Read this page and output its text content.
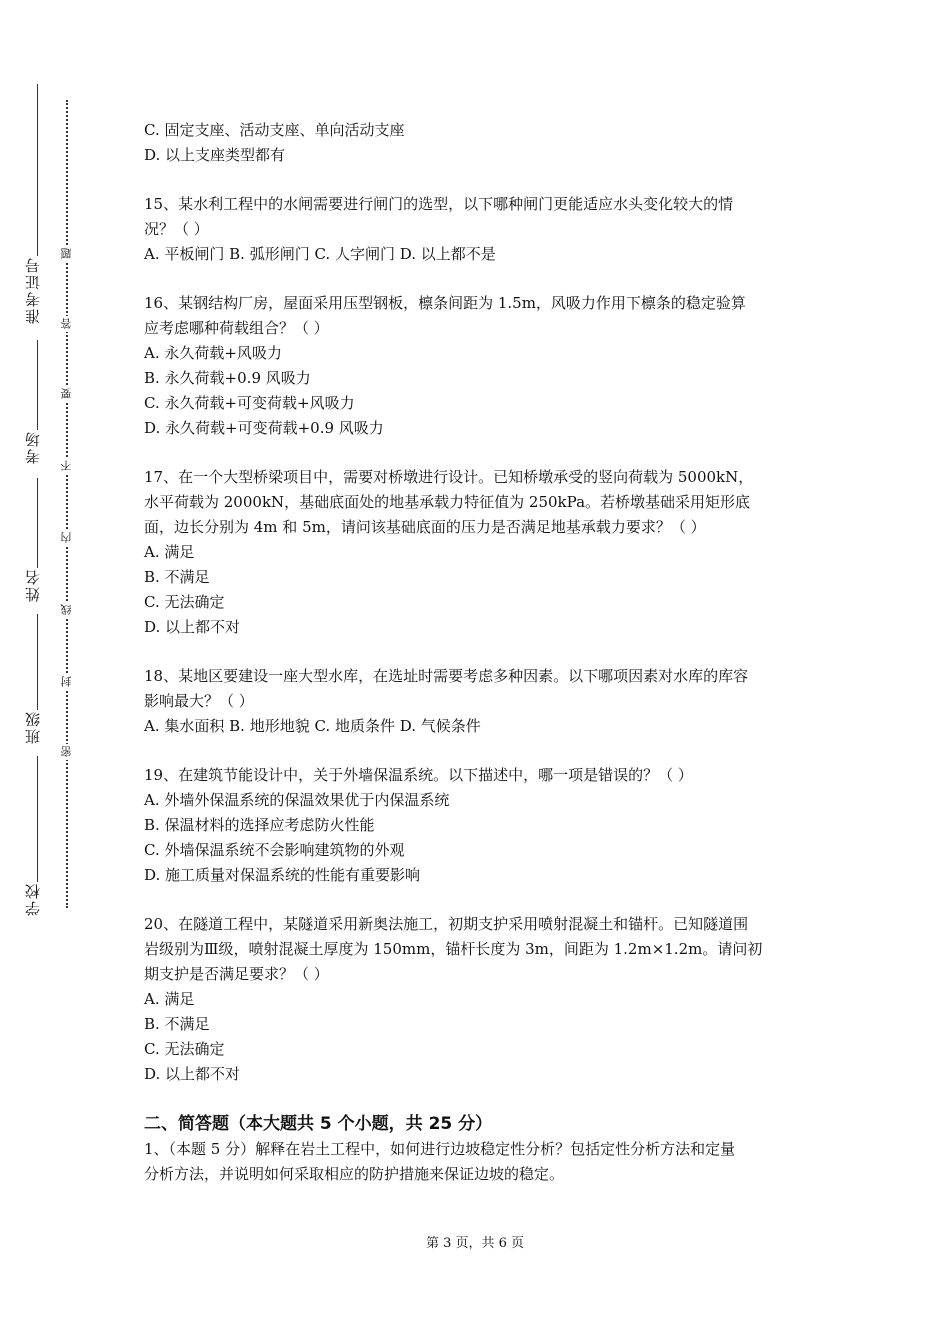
准考证号
考场
姓名
班级
学校
题
答
要
不
内
线
封
密

C. 固定支座、活动支座、单向活动支座

D. 以上支座类型都有

15、某水利工程中的水闸需要进行闸门的选型，以下哪种闸门更能适应水头变化较大的情

况？（ ）

A. 平板闸门 B. 弧形闸门 C. 人字闸门 D. 以上都不是

16、某钢结构厂房，屋面采用压型钢板，檩条间距为 1.5m，风吸力作用下檩条的稳定验算

应考虑哪种荷载组合？（ ）

A. 永久荷载+风吸力

B. 永久荷载+0.9 风吸力

C. 永久荷载+可变荷载+风吸力

D. 永久荷载+可变荷载+0.9 风吸力

17、在一个大型桥梁项目中，需要对桥墩进行设计。已知桥墩承受的竖向荷载为 5000kN，

水平荷载为 2000kN，基础底面处的地基承载力特征值为 250kPa。若桥墩基础采用矩形底

面，边长分别为 4m 和 5m，请问该基础底面的压力是否满足地基承载力要求？（ ）

A. 满足

B. 不满足

C. 无法确定

D. 以上都不对

18、某地区要建设一座大型水库，在选址时需要考虑多种因素。以下哪项因素对水库的库容

影响最大？（ ）

A. 集水面积 B. 地形地貌 C. 地质条件 D. 气候条件

19、在建筑节能设计中，关于外墙保温系统。以下描述中，哪一项是错误的？（ ）

A. 外墙外保温系统的保温效果优于内保温系统

B. 保温材料的选择应考虑防火性能

C. 外墙保温系统不会影响建筑物的外观

D. 施工质量对保温系统的性能有重要影响

20、在隧道工程中，某隧道采用新奥法施工，初期支护采用喷射混凝土和锚杆。已知隧道围

岩级别为Ⅲ级，喷射混凝土厚度为 150mm，锚杆长度为 3m，间距为 1.2m×1.2m。请问初

期支护是否满足要求？（ ）

A. 满足

B. 不满足

C. 无法确定

D. 以上都不对

二、简答题（本大题共 5 个小题，共 25 分）

1、（本题 5 分）解释在岩土工程中，如何进行边坡稳定性分析？包括定性分析方法和定量

分析方法，并说明如何采取相应的防护措施来保证边坡的稳定。

第 3 页，共 6 页
